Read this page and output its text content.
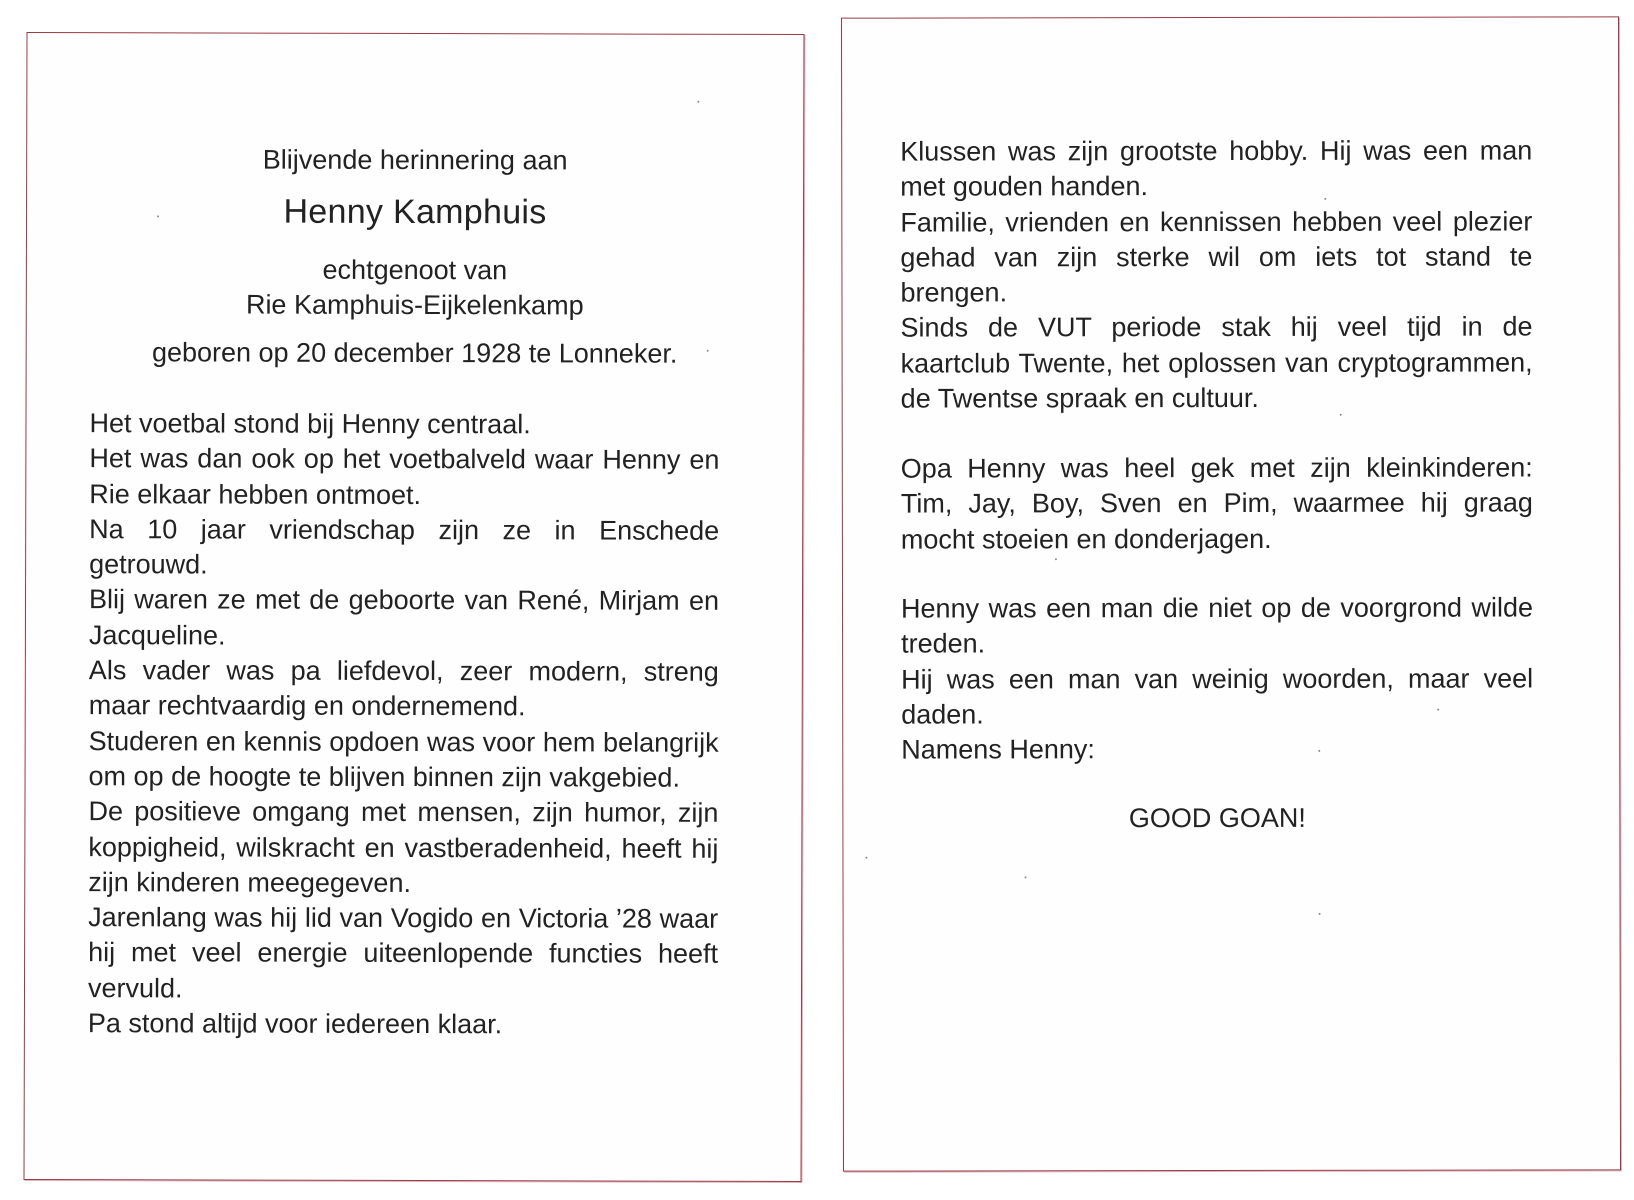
Blijvende herinnering aan

Henny Kamphuis

echtgenoot van

Rie Kamphuis-Eijkelenkamp

geboren op 20 december 1928 te Lonneker.

Het voetbal stond bij Henny centraal.
Het was dan ook op het voetbalveld waar Henny en Rie elkaar hebben ontmoet.
Na 10 jaar vriendschap zijn ze in Enschede getrouwd.
Blij waren ze met de geboorte van René, Mirjam en Jacqueline.
Als vader was pa liefdevol, zeer modern, streng maar rechtvaardig en ondernemend.
Studeren en kennis opdoen was voor hem belangrijk om op de hoogte te blijven binnen zijn vakgebied.
De positieve omgang met mensen, zijn humor, zijn koppigheid, wilskracht en vastberadenheid, heeft hij zijn kinderen meegegeven.
Jarenlang was hij lid van Vogido en Victoria ’28 waar hij met veel energie uiteenlopende functies heeft vervuld.
Pa stond altijd voor iedereen klaar.
Klussen was zijn grootste hobby. Hij was een man met gouden handen.
Familie, vrienden en kennissen hebben veel plezier gehad van zijn sterke wil om iets tot stand te brengen.
Sinds de VUT periode stak hij veel tijd in de kaartclub Twente, het oplossen van cryptogrammen, de Twentse spraak en cultuur.
Opa Henny was heel gek met zijn kleinkinderen: Tim, Jay, Boy, Sven en Pim, waarmee hij graag mocht stoeien en donderjagen.
Henny was een man die niet op de voorgrond wilde treden.
Hij was een man van weinig woorden, maar veel daden.
Namens Henny:

GOOD GOAN!
